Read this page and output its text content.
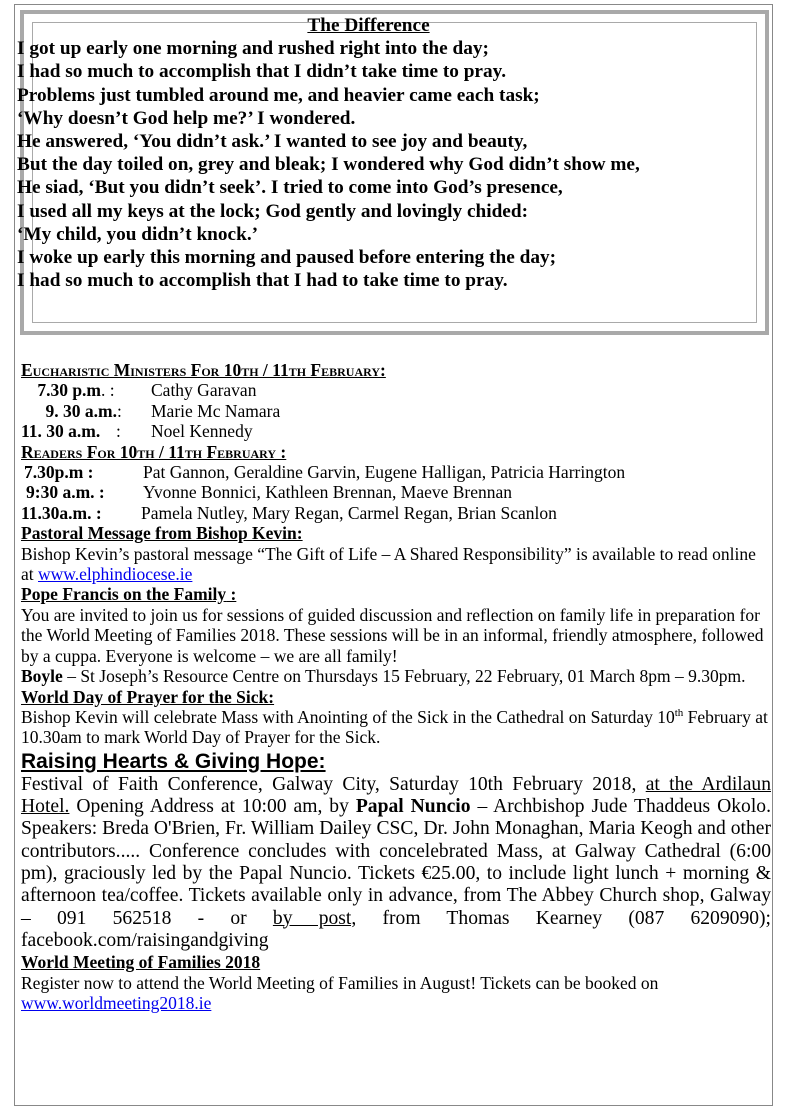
The Difference
I got up early one morning and rushed right into the day;
I had so much to accomplish that I didn’t take time to pray.
Problems just tumbled around me, and heavier came each task;
‘Why doesn’t God help me?’ I wondered.
He answered, ‘You didn’t ask.’ I wanted to see joy and beauty,
But the day toiled on, grey and bleak; I wondered why God didn’t show me,
He siad, ‘But you didn’t seek’. I tried to come into God’s presence,
I used all my keys at the lock; God gently and lovingly chided:
‘My child, you didn’t knock.’
I woke up early this morning and paused before entering the day;
I had so much to accomplish that I had to take time to pray.
Eucharistic Ministers For 10th / 11th February:
7.30 p.m . :	Cathy Garavan
9. 30 a.m. :	Marie Mc Namara
11. 30 a.m. :	Noel Kennedy
Readers For 10th / 11th February :
7.30p.m :	Pat Gannon, Geraldine Garvin, Eugene Halligan, Patricia Harrington
9:30 a.m. :	Yvonne Bonnici, Kathleen Brennan, Maeve Brennan
11.30a.m. :	Pamela Nutley, Mary Regan, Carmel Regan, Brian Scanlon
Pastoral Message from Bishop Kevin:

Bishop Kevin’s pastoral message “The Gift of Life – A Shared Responsibility” is available to read online at www.elphindiocese.ie

Pope Francis on the Family :

You are invited to join us for sessions of guided discussion and reflection on family life in preparation for the World Meeting of Families 2018. These sessions will be in an informal, friendly atmosphere, followed by a cuppa. Everyone is welcome – we are all family!

Boyle – St Joseph’s Resource Centre on Thursdays 15 February, 22 February, 01 March 8pm – 9.30pm.

World Day of Prayer for the Sick:

Bishop Kevin will celebrate Mass with Anointing of the Sick in the Cathedral on Saturday 10th February at 10.30am to mark World Day of Prayer for the Sick.

Raising Hearts & Giving Hope:

Festival of Faith Conference, Galway City, Saturday 10th February 2018, at the Ardilaun Hotel. Opening Address at 10:00 am, by Papal Nuncio – Archbishop Jude Thaddeus Okolo. Speakers: Breda O'Brien, Fr. William Dailey CSC, Dr. John Monaghan, Maria Keogh and other contributors..... Conference concludes with concelebrated Mass, at Galway Cathedral (6:00 pm), graciously led by the Papal Nuncio. Tickets €25.00, to include light lunch + morning & afternoon tea/coffee. Tickets available only in advance, from The Abbey Church shop, Galway – 091 562518 - or by post, from Thomas Kearney (087 6209090); facebook.com/raisingandgiving

World Meeting of Families 2018

Register now to attend the World Meeting of Families in August! Tickets can be booked on www.worldmeeting2018.ie
